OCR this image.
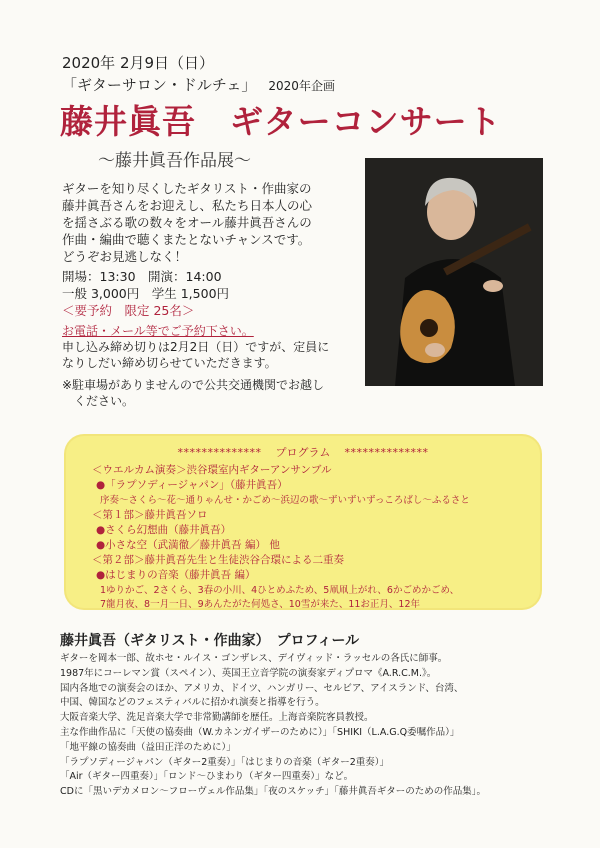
2020年 2月9日（日）
「ギターサロン・ドルチェ」 2020年企画
藤井眞吾　ギターコンサート
～藤井眞吾作品展～
ギターを知り尽くしたギタリスト・作曲家の
藤井眞吾さんをお迎えし、私たち日本人の心
を揺さぶる歌の数々をオール藤井眞吾さんの
作曲・編曲で聴くまたとないチャンスです。
どうぞお見逃しなく！
開場：13:30　開演：14:00
一般 3,000円　学生 1,500円
＜要予約　限定 25名＞
お電話・メール等でご予約下さい。
申し込み締め切りは2月2日（日）ですが、定員に
なりしだい締め切らせていただきます。
※駐車場がありませんので公共交通機関でお越し
　ください。
************** プログラム **************
＜ウエルカム演奏＞渋谷環室内ギターアンサンブル
●「ラプソディージャパン」（藤井眞吾）
序奏～さくら～花～通りゃんせ・かごめ～浜辺の歌～ずいずいずっころばし～ふるさと
＜第１部＞藤井眞吾ソロ
●さくら幻想曲（藤井眞吾）
●小さな空（武満徹／藤井眞吾 編） 他
＜第２部＞藤井眞吾先生と生徒渋谷合環による二重奏
●はじまりの音楽（藤井眞吾 編）
1ゆりかご、2さくら、3春の小川、4ひとめふため、5凧凧上がれ、6かごめかごめ、
7龍月夜、8一月一日、9あんたがた何処さ、10雪が来た、11お正月、12年
藤井眞吾（ギタリスト・作曲家）　プロフィール
ギターを岡本一郎、故ホセ・ルイス・ゴンザレス、デイヴィッド・ラッセルの各氏に師事。
1987年にコーレマン賞（スペイン）、英国王立音学院の演奏家ディプロマ《A.R.C.M.》。
国内各地での演奏会のほか、アメリカ、ドイツ、ハンガリー、セルビア、アイスランド、台湾、
中国、韓国などのフェスティバルに招かれ演奏と指導を行う。
大阪音楽大学、洗足音楽大学で非常勤講師を歴任。上海音楽院客員教授。
主な作曲作品に「天使の協奏曲（W.カネンガイザーのために）」「SHIKI（L.A.G.Q委嘱作品）」
「地平線の協奏曲（益田正洋のために）」
「ラプソディージャパン（ギター2重奏）」「はじまりの音楽（ギター2重奏）」
「Air（ギター四重奏）」「ロンド～ひまわり（ギター四重奏）」など。
CDに「黒いデカメロン～フローヴェル作品集」「夜のスケッチ」「藤井眞吾ギターのための作品集」。
